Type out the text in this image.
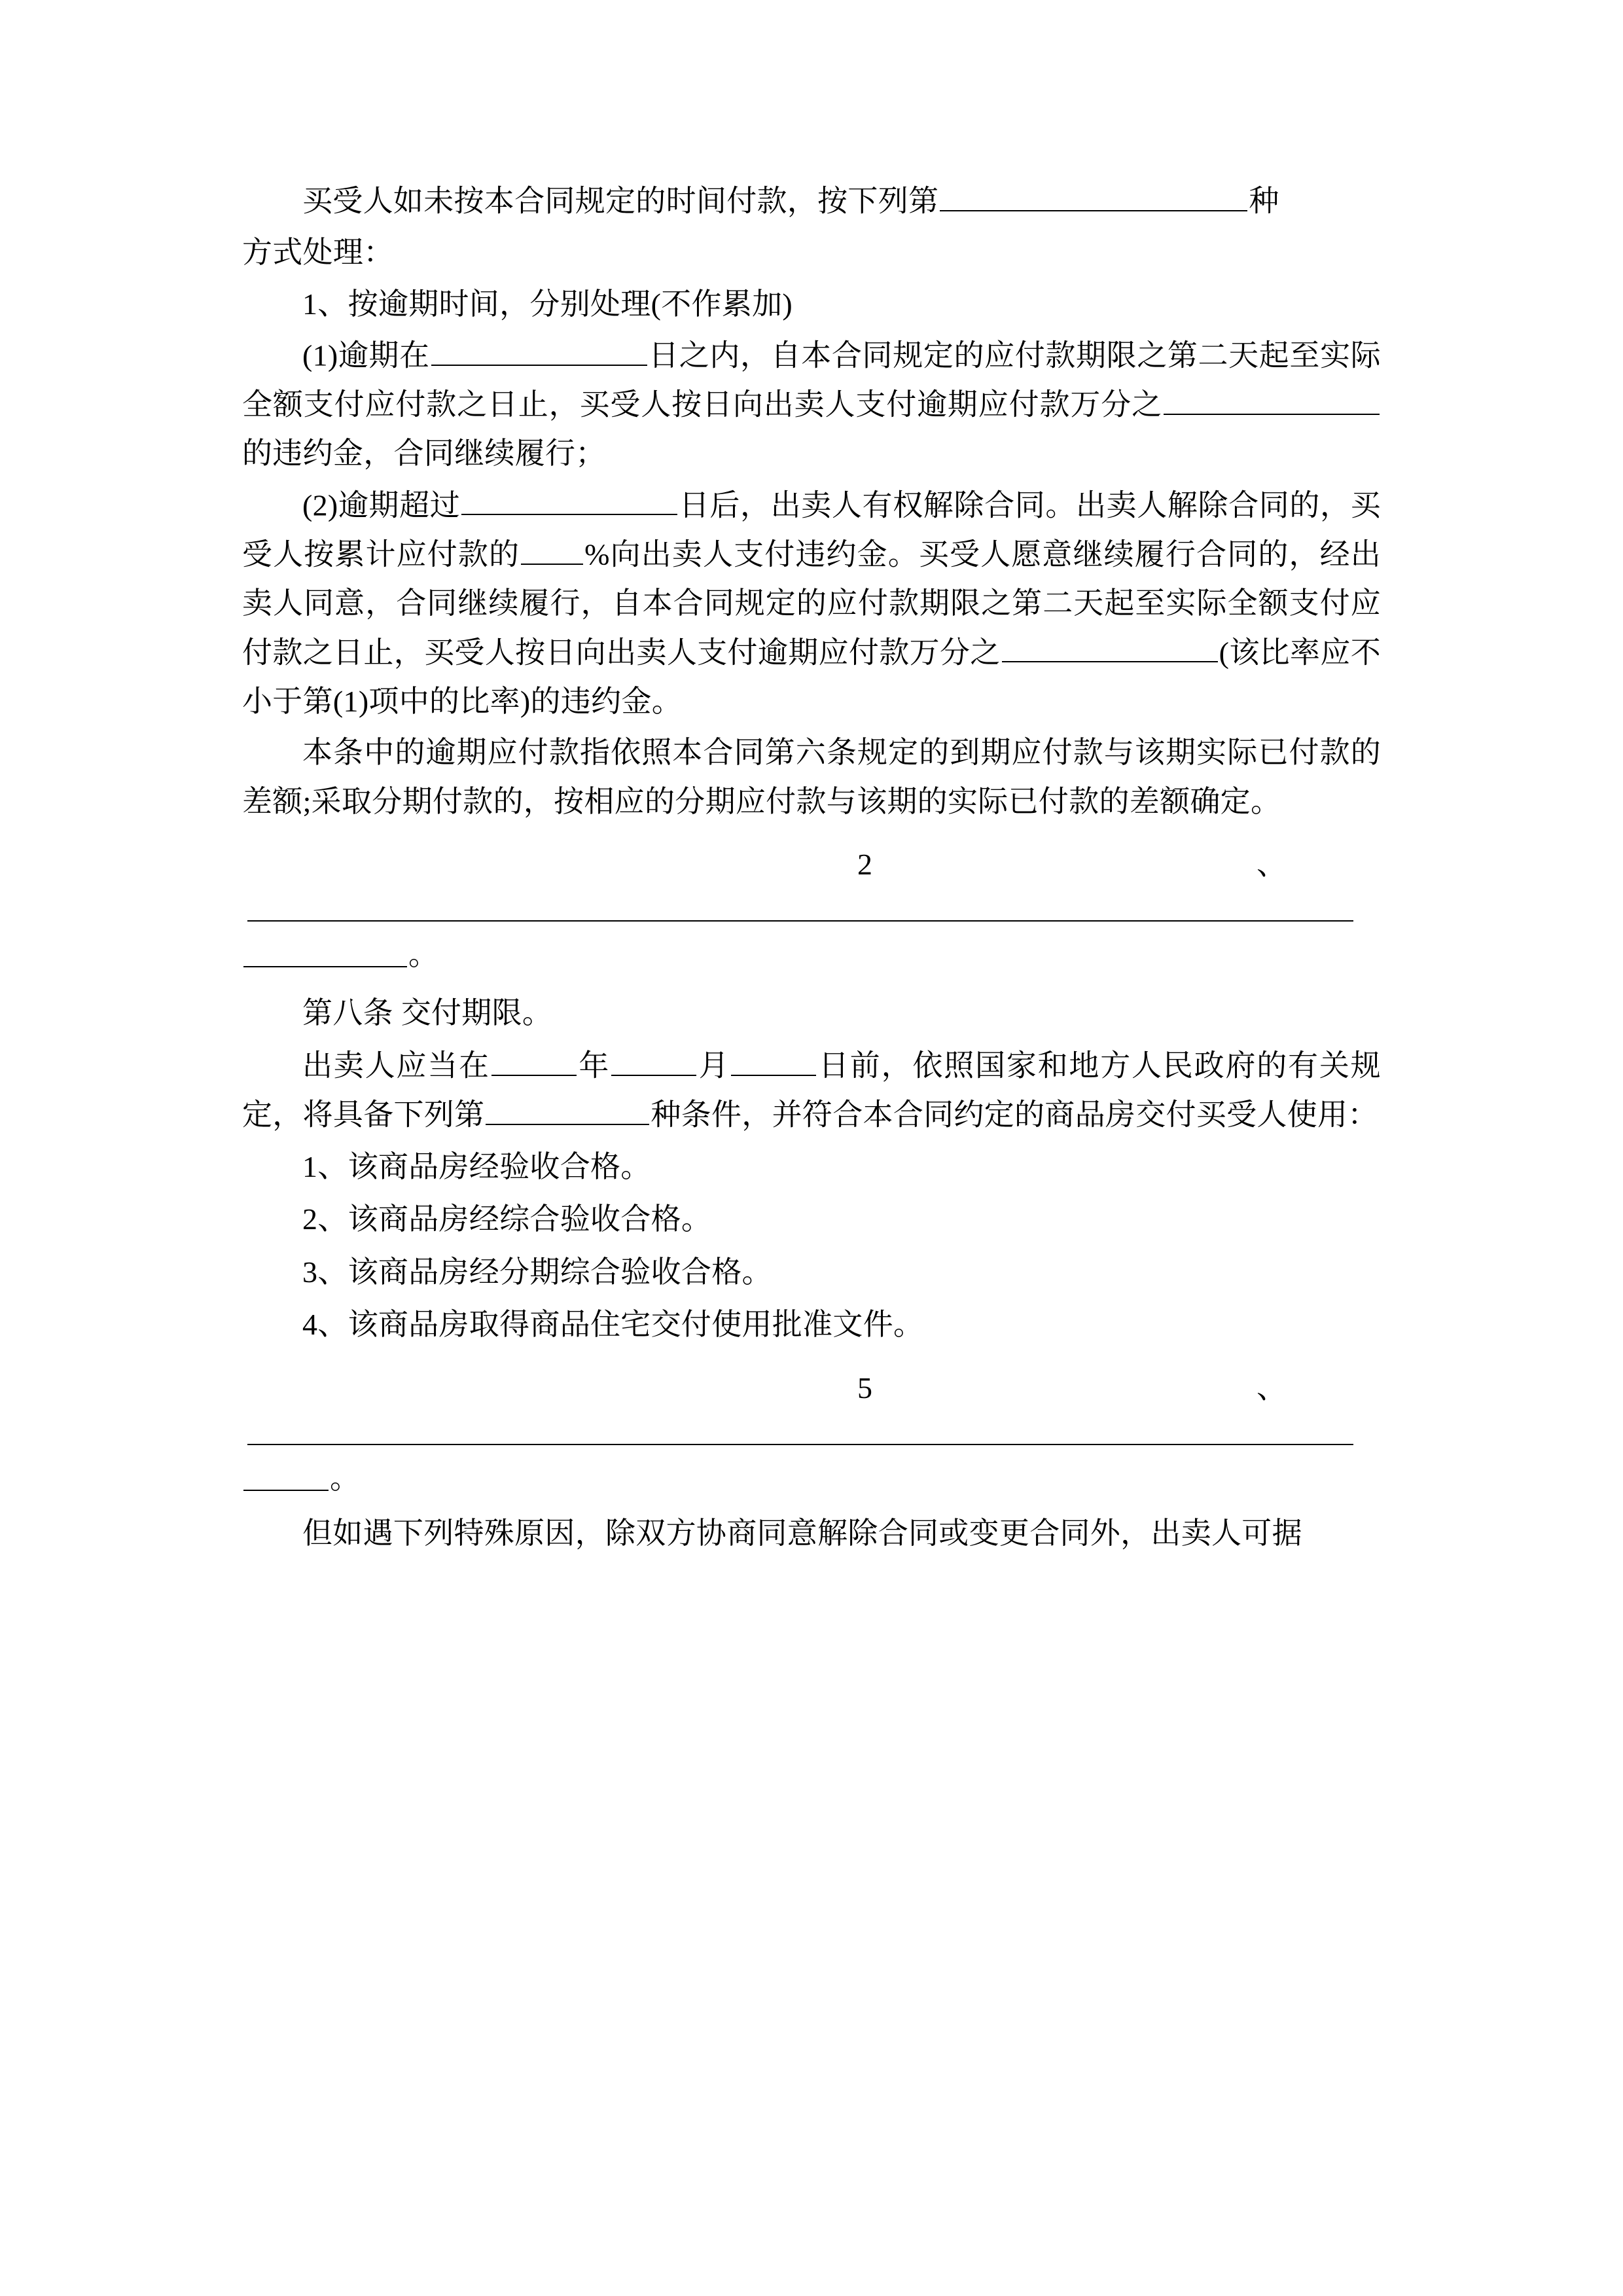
买受人如未按本合同规定的时间付款，按下列第	种

方式处理：

1、按逾期时间，分别处理(不作累加)

(1)逾期在	日之内，自本合同规定的应付款期限之第二天起至实际全额支付应付款之日止，买受人按日向出卖人支付逾期应付款万分之的违约金，合同继续履行；

(2)逾期超过	日后，出卖人有权解除合同。出卖人解除合同的，买受人按累计应付款的 %向出卖人支付违约金。买受人愿意继续履行合同的，经出卖人同意，合同继续履行，自本合同规定的应付款期限之第二天起至实际全额支付应付款之日止，买受人按日向出卖人支付逾期应付款万分之	(该比率应不小于第(1)项中的比率)的违约金。

本条中的逾期应付款指依照本合同第六条规定的到期应付款与该期实际已付款的差额;采取分期付款的，按相应的分期应付款与该期的实际已付款的差额确定。

2	、

。

第八条 交付期限。

出卖人应当在	年	月	日前，依照国家和地方人民政府的有关规定，将具备下列第	种条件，并符合本合同约定的商品房交付买受人使用：

1、该商品房经验收合格。

2、该商品房经综合验收合格。

3、该商品房经分期综合验收合格。

4、该商品房取得商品住宅交付使用批准文件。

5	、

。

但如遇下列特殊原因，除双方协商同意解除合同或变更合同外，出卖人可据
